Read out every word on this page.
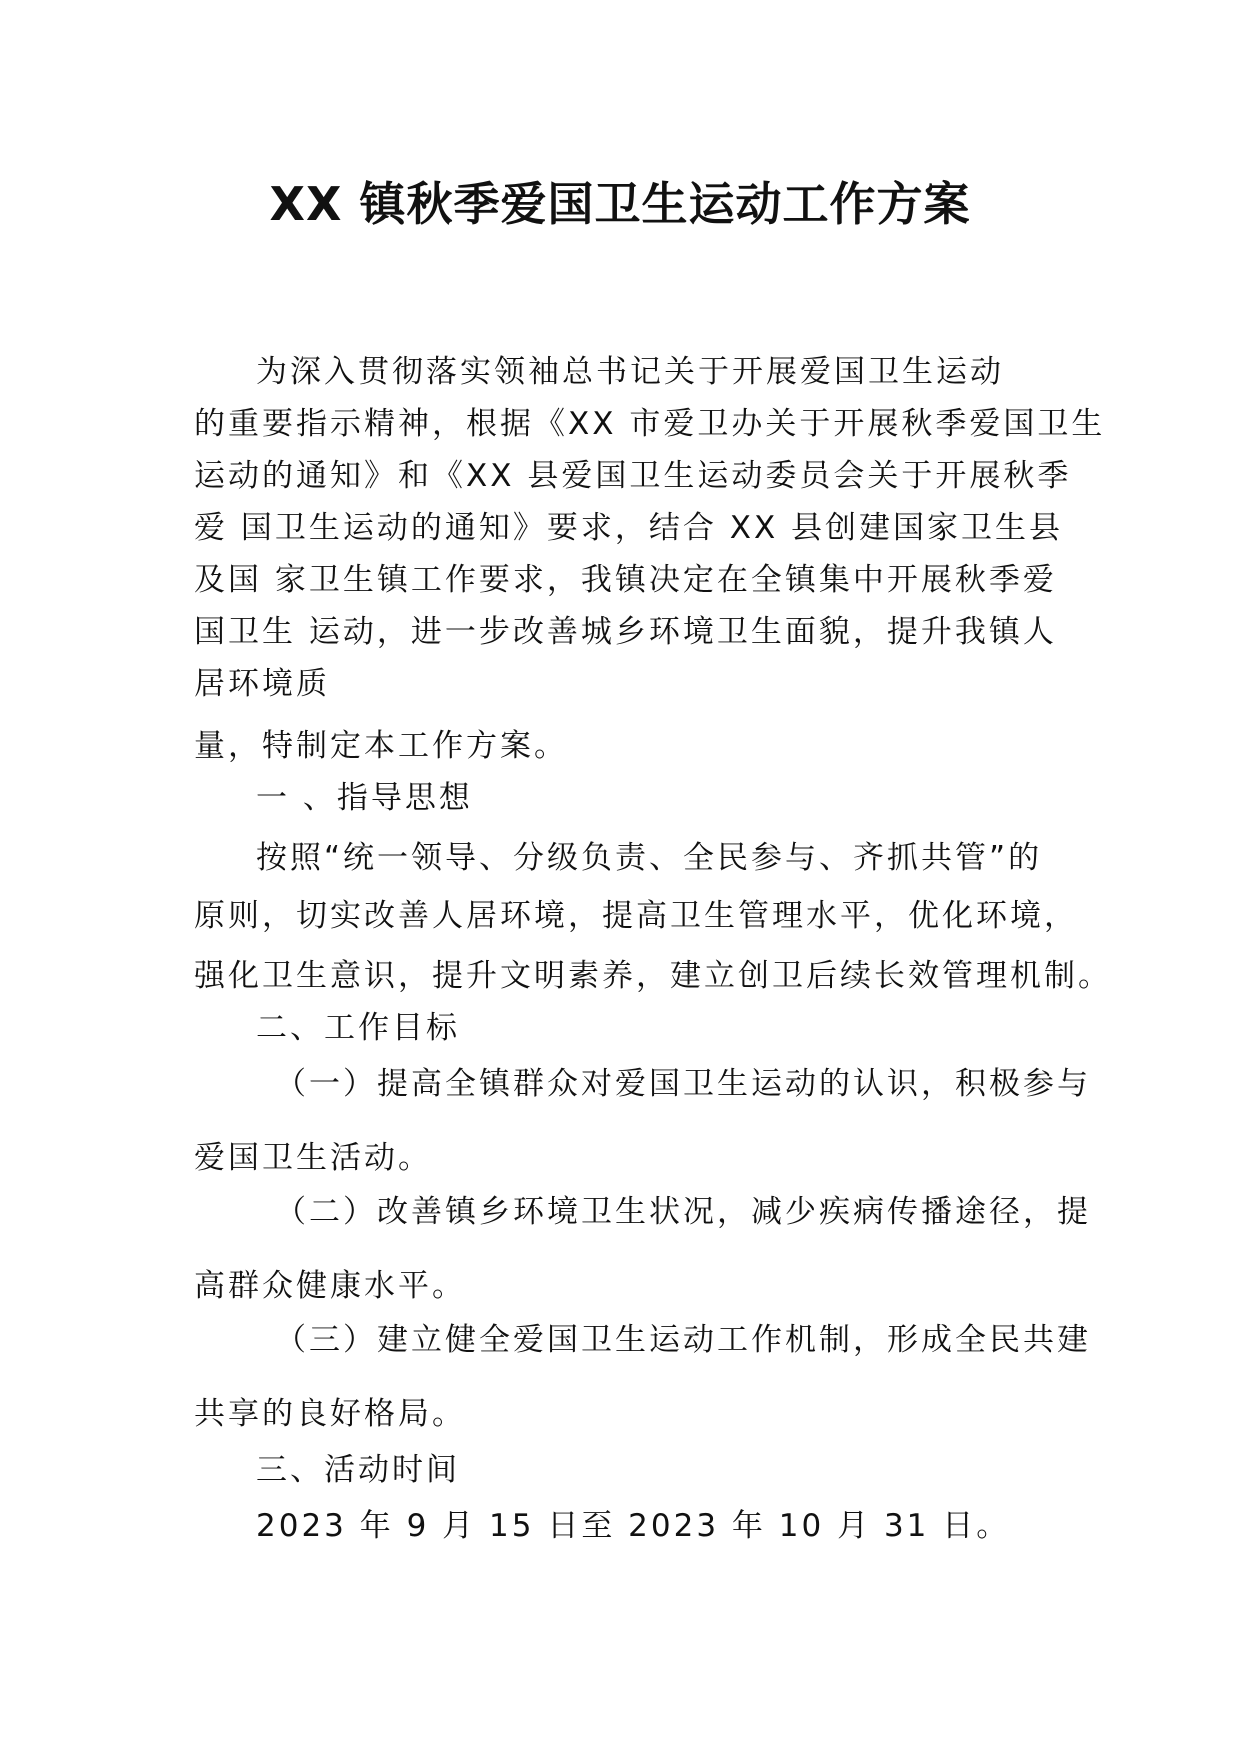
XX 镇秋季爱国卫生运动工作方案
为深入贯彻落实领袖总书记关于开展爱国卫生运动
的重要指示精神，根据《XX 市爱卫办关于开展秋季爱国卫生
运动的通知》和《XX 县爱国卫生运动委员会关于开展秋季
爱 国卫生运动的通知》要求，结合 XX 县创建国家卫生县
及国 家卫生镇工作要求，我镇决定在全镇集中开展秋季爱
国卫生 运动，进一步改善城乡环境卫生面貌，提升我镇人
居环境质
量，特制定本工作方案。
一 、指导思想
按照“统一领导、分级负责、全民参与、齐抓共管”的
原则，切实改善人居环境，提高卫生管理水平，优化环境，
强化卫生意识，提升文明素养，建立创卫后续长效管理机制。
二、工作目标
（一）提高全镇群众对爱国卫生运动的认识，积极参与
爱国卫生活动。
（二）改善镇乡环境卫生状况，减少疾病传播途径，提
高群众健康水平。
（三）建立健全爱国卫生运动工作机制，形成全民共建
共享的良好格局。
三、活动时间
2023 年 9 月 15 日至 2023 年 10 月 31 日。
